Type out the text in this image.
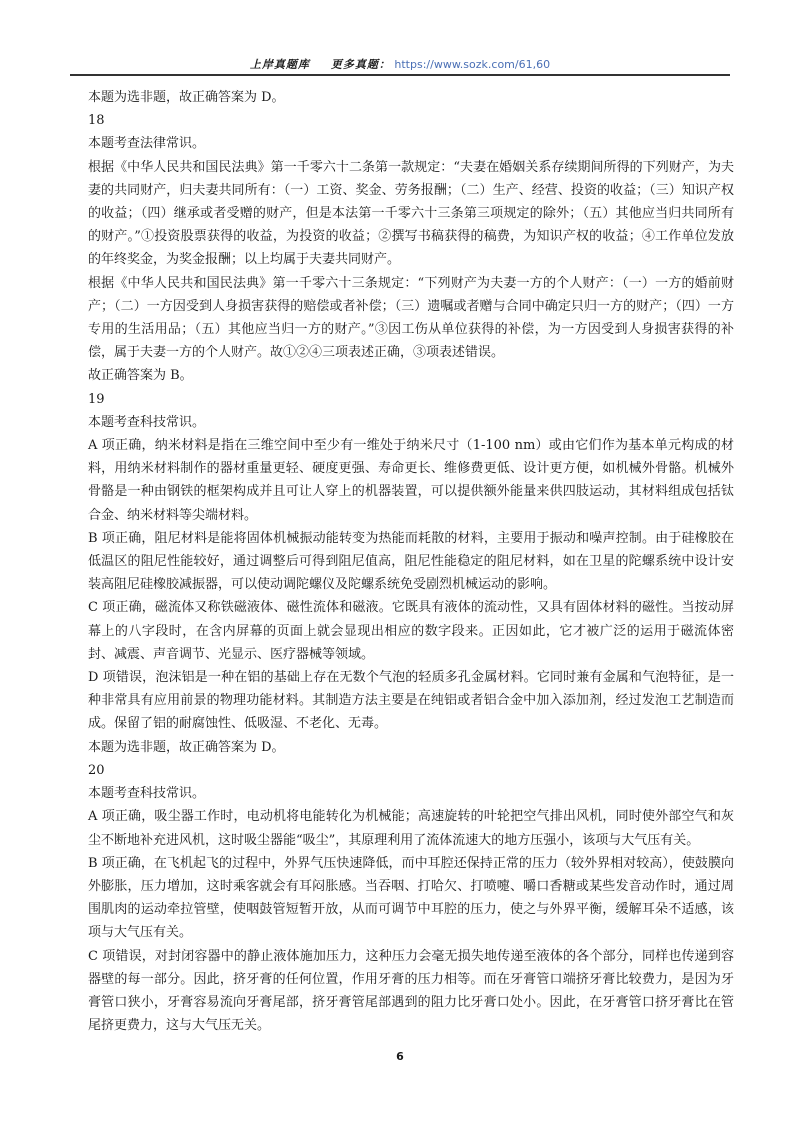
上岸真题库 更多真题： https://www.sozk.com/61,60

本题为选非题，故正确答案为 D。

18

本题考查法律常识。

根据《中华人民共和国民法典》第一千零六十二条第一款规定：“夫妻在婚姻关系存续期间所得的下列财产，为夫妻的共同财产，归夫妻共同所有：（一）工资、奖金、劳务报酬；（二）生产、经营、投资的收益；（三）知识产权的收益；（四）继承或者受赠的财产，但是本法第一千零六十三条第三项规定的除外；（五）其他应当归共同所有的财产。”①投资股票获得的收益，为投资的收益；②撰写书稿获得的稿费，为知识产权的收益；④工作单位发放的年终奖金，为奖金报酬；以上均属于夫妻共同财产。

根据《中华人民共和国民法典》第一千零六十三条规定：“下列财产为夫妻一方的个人财产：（一）一方的婚前财产；（二）一方因受到人身损害获得的赔偿或者补偿；（三）遗嘱或者赠与合同中确定只归一方的财产；（四）一方专用的生活用品；（五）其他应当归一方的财产。”③因工伤从单位获得的补偿，为一方因受到人身损害获得的补偿，属于夫妻一方的个人财产。故①②④三项表述正确，③项表述错误。

故正确答案为 B。

19

本题考查科技常识。

A 项正确，纳米材料是指在三维空间中至少有一维处于纳米尺寸（1-100 nm）或由它们作为基本单元构成的材料，用纳米材料制作的器材重量更轻、硬度更强、寿命更长、维修费更低、设计更方便，如机械外骨骼。机械外骨骼是一种由钢铁的框架构成并且可让人穿上的机器装置，可以提供额外能量来供四肢运动，其材料组成包括钛合金、纳米材料等尖端材料。

B 项正确，阻尼材料是能将固体机械振动能转变为热能而耗散的材料，主要用于振动和噪声控制。由于硅橡胶在低温区的阻尼性能较好，通过调整后可得到阻尼值高，阻尼性能稳定的阻尼材料，如在卫星的陀螺系统中设计安装高阻尼硅橡胶减振器，可以使动调陀螺仪及陀螺系统免受剧烈机械运动的影响。

C 项正确，磁流体又称铁磁液体、磁性流体和磁液。它既具有液体的流动性，又具有固体材料的磁性。当按动屏幕上的八字段时，在含内屏幕的页面上就会显现出相应的数字段来。正因如此，它才被广泛的运用于磁流体密封、减震、声音调节、光显示、医疗器械等领域。

D 项错误，泡沫铝是一种在铝的基础上存在无数个气泡的轻质多孔金属材料。它同时兼有金属和气泡特征，是一种非常具有应用前景的物理功能材料。其制造方法主要是在纯铝或者铝合金中加入添加剂，经过发泡工艺制造而成。保留了铝的耐腐蚀性、低吸湿、不老化、无毒。

本题为选非题，故正确答案为 D。

20

本题考查科技常识。

A 项正确，吸尘器工作时，电动机将电能转化为机械能；高速旋转的叶轮把空气排出风机，同时使外部空气和灰尘不断地补充进风机，这时吸尘器能“吸尘”，其原理利用了流体流速大的地方压强小，该项与大气压有关。

B 项正确，在飞机起飞的过程中，外界气压快速降低，而中耳腔还保持正常的压力（较外界相对较高），使鼓膜向外膨胀，压力增加，这时乘客就会有耳闷胀感。当吞咽、打哈欠、打喷嚏、嚼口香糖或某些发音动作时，通过周围肌肉的运动牵拉管壁，使咽鼓管短暂开放，从而可调节中耳腔的压力，使之与外界平衡，缓解耳朵不适感，该项与大气压有关。

C 项错误，对封闭容器中的静止液体施加压力，这种压力会毫无损失地传递至液体的各个部分，同样也传递到容器壁的每一部分。因此，挤牙膏的任何位置，作用牙膏的压力相等。而在牙膏管口端挤牙膏比较费力，是因为牙膏管口狭小，牙膏容易流向牙膏尾部，挤牙膏管尾部遇到的阻力比牙膏口处小。因此，在牙膏管口挤牙膏比在管尾挤更费力，这与大气压无关。

6
